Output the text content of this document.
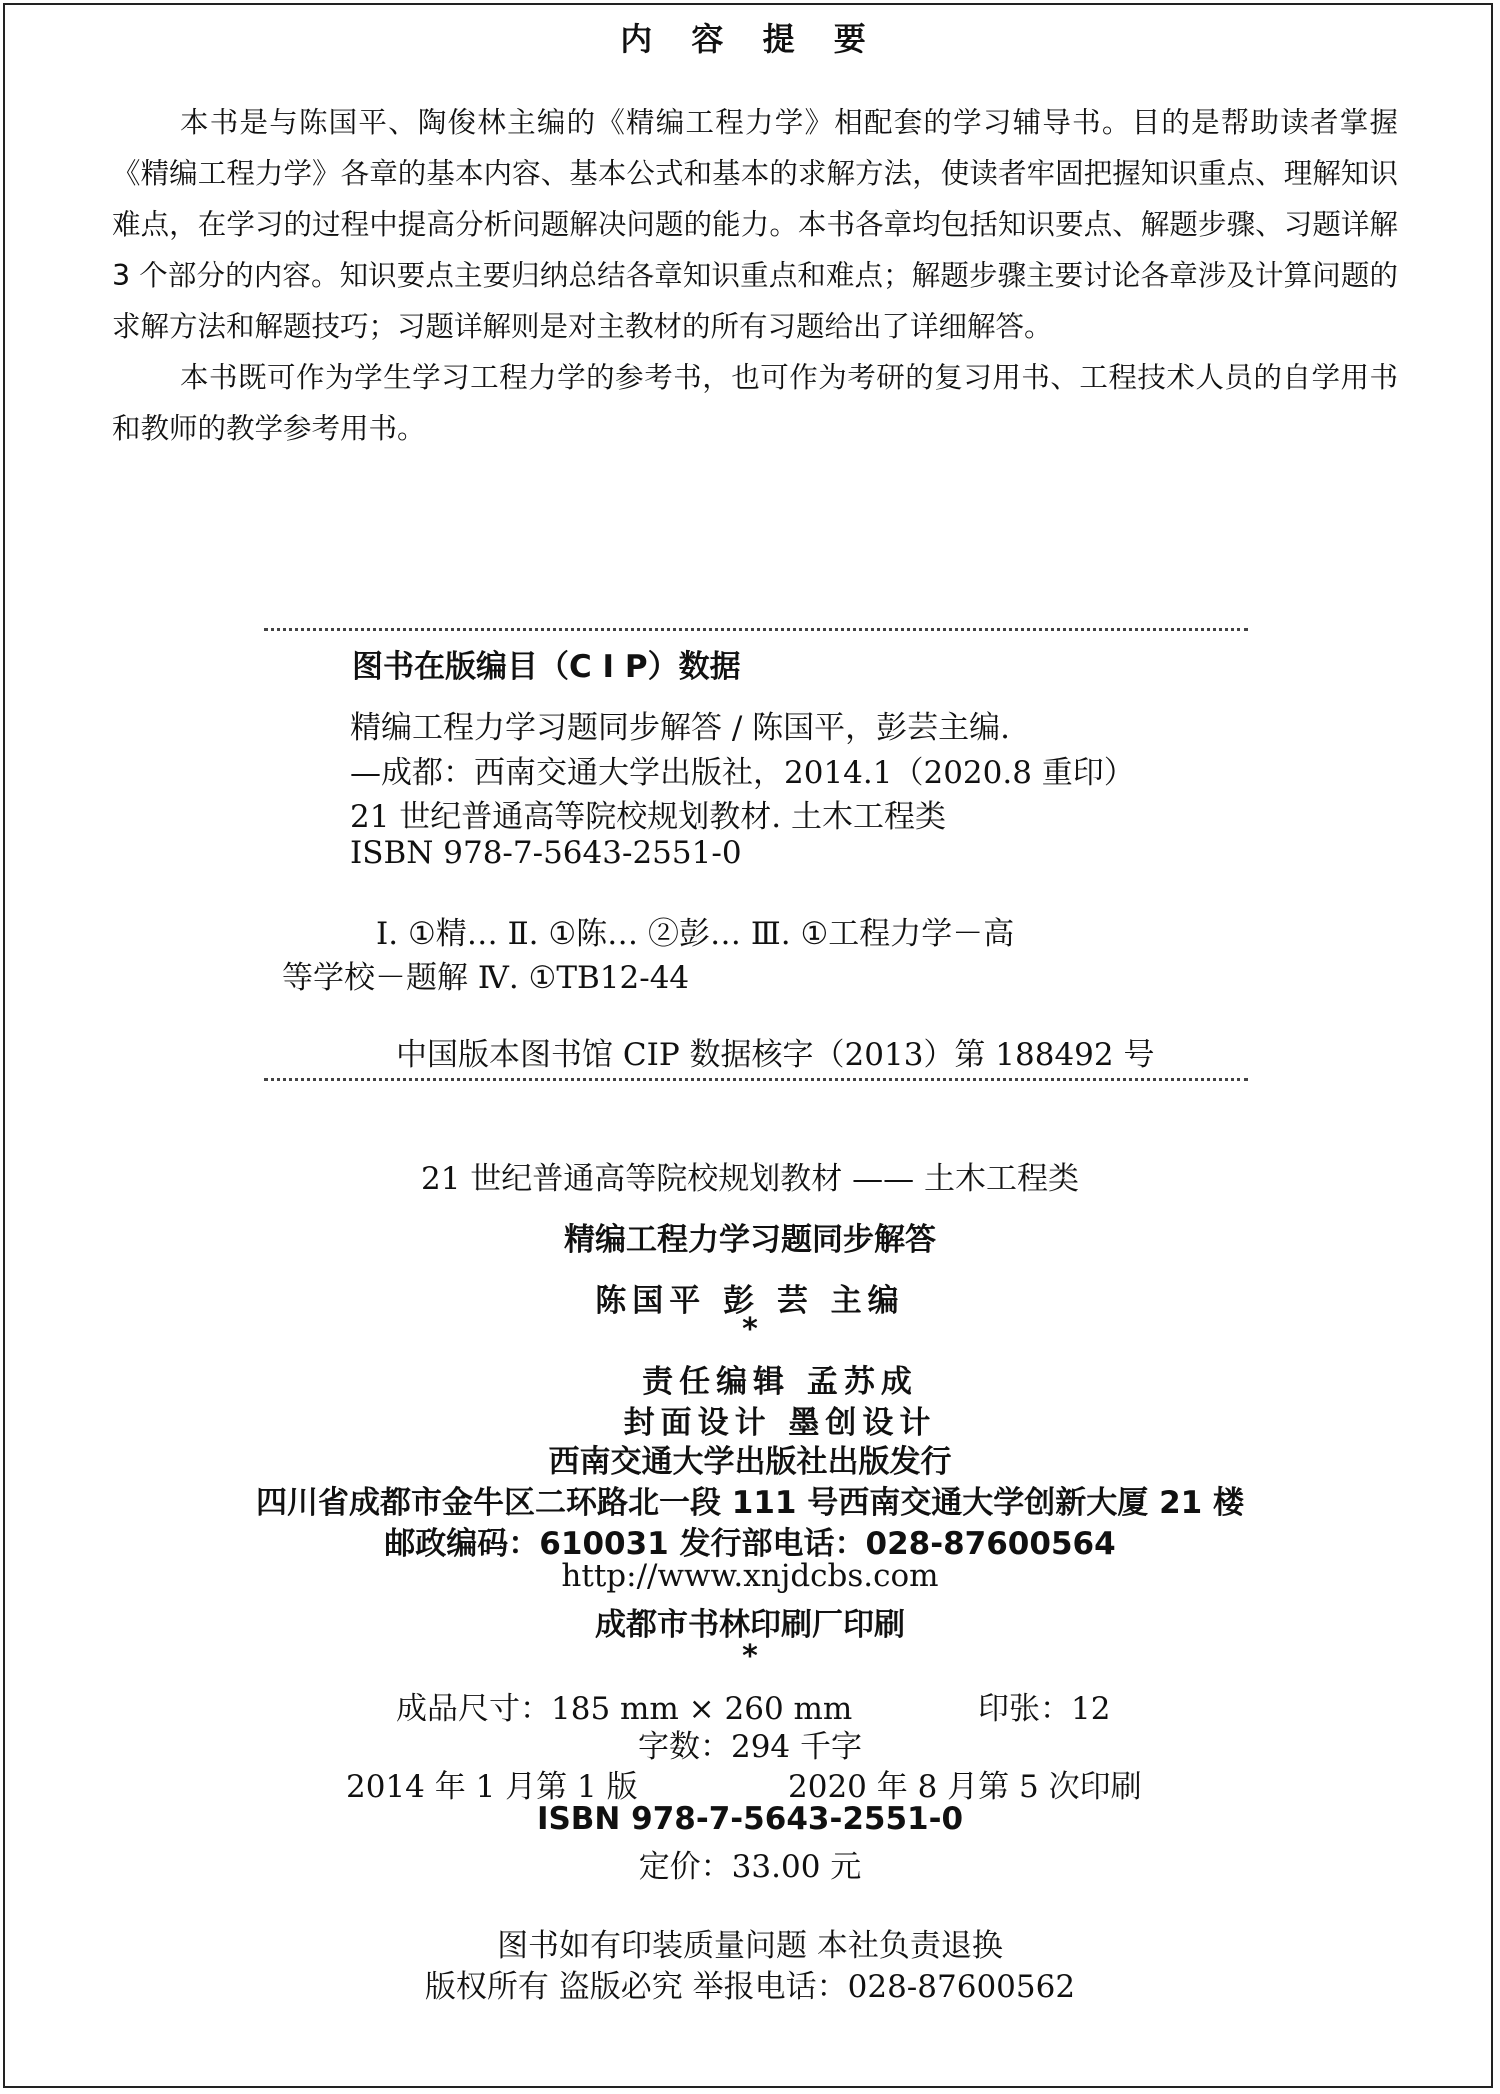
内 容 提 要

本书是与陈国平、陶俊林主编的《精编工程力学》相配套的学习辅导书。目的是帮助读者掌握《精编工程力学》各章的基本内容、基本公式和基本的求解方法，使读者牢固把握知识重点、理解知识难点，在学习的过程中提高分析问题解决问题的能力。本书各章均包括知识要点、解题步骤、习题详解 3 个部分的内容。知识要点主要归纳总结各章知识重点和难点；解题步骤主要讨论各章涉及计算问题的求解方法和解题技巧；习题详解则是对主教材的所有习题给出了详细解答。

本书既可作为学生学习工程力学的参考书，也可作为考研的复习用书、工程技术人员的自学用书和教师的教学参考用书。

图书在版编目（C I P）数据
精编工程力学习题同步解答 / 陈国平，彭芸主编.
—成都：西南交通大学出版社，2014.1（2020.8 重印）
21 世纪普通高等院校规划教材. 土木工程类
ISBN 978-7-5643-2551-0
Ⅰ. ①精… Ⅱ. ①陈… ②彭… Ⅲ. ①工程力学－高
等学校－题解 Ⅳ. ①TB12-44
中国版本图书馆 CIP 数据核字（2013）第 188492 号
21 世纪普通高等院校规划教材 —— 土木工程类
精编工程力学习题同步解答
陈国平 彭 芸 主编
*
责任编辑 孟苏成
封面设计 墨创设计
西南交通大学出版社出版发行
四川省成都市金牛区二环路北一段 111 号西南交通大学创新大厦 21 楼
邮政编码：610031 发行部电话：028-87600564
http://www.xnjdcbs.com
成都市书林印刷厂印刷
*
成品尺寸：185 mm × 260 mm	印张：12
字数：294 千字
2014 年 1 月第 1 版	2020 年 8 月第 5 次印刷
ISBN 978-7-5643-2551-0
定价：33.00 元
图书如有印装质量问题 本社负责退换
版权所有 盗版必究 举报电话：028-87600562
